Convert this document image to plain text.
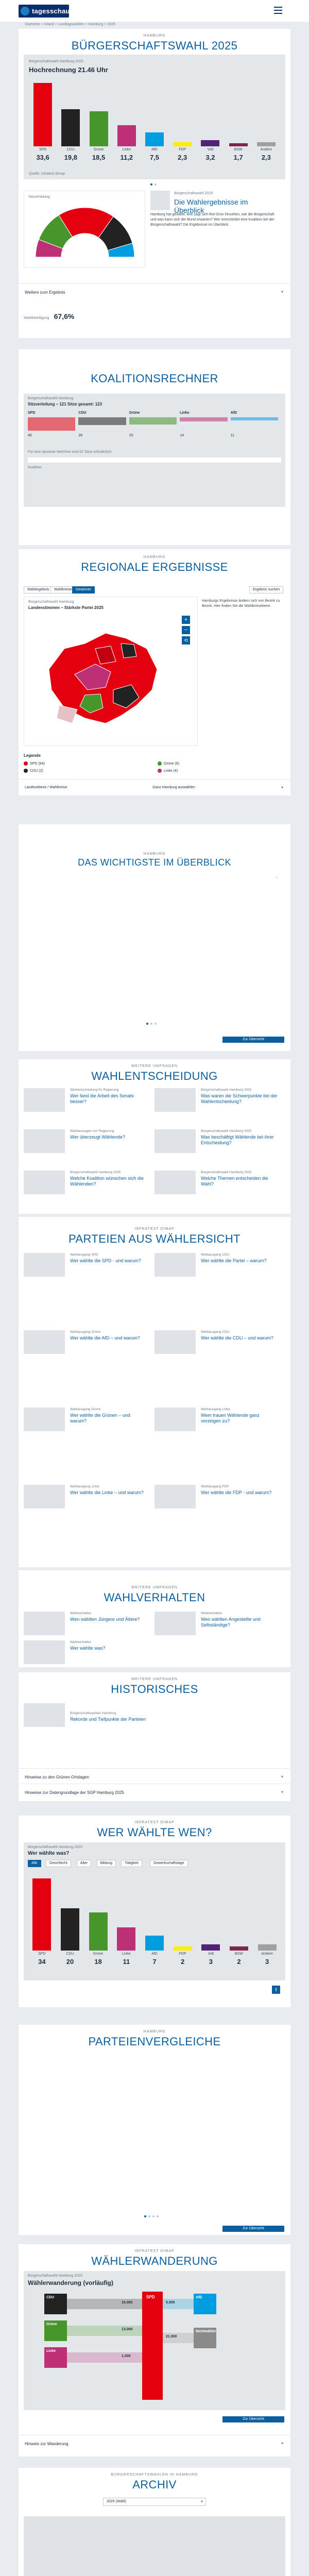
tagesschau
Startseite > Inland > Landtagswahlen > Hamburg > 2025
HAMBURG
BÜRGERSCHAFTSWAHL 2025
Bürgerschaftswahl Hamburg 2025
Hochrechnung 21.46 Uhr
SPD
33,6
CDU
19,8
Grüne
18,5
Linke
11,2
AfD
7,5
FDP
2,3
Volt
3,2
BSW
1,7
Andere
2,3
Quelle: infratest dimap
Sitzverteilung
Bürgerschaftswahl 2025
Die Wahlergebnisse im Überblick
Hamburg hat gewählt. Wie sagt sich Rot-Grün hinsehen, wie die Bürgerschaft und was kann sich der Bund erwarten? Wer entscheidet eine Koalition bei der Bürgerschaftswahl? Die Ergebnisse im Überblick.
Weitere zum Ergebnis	▾
Wahlbeteiligung 67,6%
KOALITIONSRECHNER
Bürgerschaftswahl Hamburg
Sitzverteilung – 121 Sitze gesamt: 123
SPD
45
CDU
26
Grüne
25
Linke
14
AfD
11
Für eine absolute Mehrheit sind 62 Sitze erforderlich
Koalition
HAMBURG
REGIONALE ERGEBNISSE
Wahlergebnis	Wahlkreise	Gewinner	Ergebnis suchen
Bürgerschaftswahl Hamburg
Landesstimmen – Stärkste Partei 2025
+
−
⟲
Hamburgs Ergebnisse ändern sich von Bezirk zu Bezirk. Hier finden Sie die Wahlkreisebene.
Legende
SPD (54)	Grüne (6)
CDU (2)	Linke (4)
Landesebene / Wahlkreise	Ganz Hamburg auswählen	▾
HAMBURG
DAS WICHTIGSTE IM ÜBERBLICK
›
Zur Übersicht
WEITERE UMFRAGEN
WAHLENTSCHEIDUNG
Wahlentscheidung für Regierung
Wer fand die Arbeit des Senats besser?
Bürgerschaftswahl Hamburg 2025
Was waren die Schwerpunkte bei der Wahlentscheidung?
Wahlaussagen zur Regierung
Wer überzeugt Wählende?
Bürgerschaftswahl Hamburg 2025
Was beschäftigt Wählende bei ihrer Entscheidung?
Bürgerschaftswahl Hamburg 2025
Welche Koalition wünschen sich die Wählenden?
Bürgerschaftswahl Hamburg 2025
Welche Themen entscheiden die Wahl?
INFRATEST DIMAP
PARTEIEN AUS WÄHLERSICHT
Wahlausgang SPD
Wer wählte die SPD - und warum?
Wahlausgang CDU
Wer wählte die Partei – warum?
Wahlausgang Grüne
Wer wählte die AfD – und warum?
Wahlausgang CDU
Wer wählte die CDU – und warum?
Wahlausgang Grüne
Wer wählte die Grünen – und warum?
Wahlausgang Linke
Wem trauen Wählende ganz vorzeigen zu?
Wahlausgang Linke
Wer wählte die Linke – und warum?
Wahlausgang FDP
Wer wählte die FDP - und warum?
WEITERE UMFRAGEN
WAHLVERHALTEN
Wahlverhalten
Wen wählten Jüngere und Ältere?
Wahlverhalten
Wen wählten Angestellte und Selbständige?
Wahlverhalten
Wer wählte was?
WEITERE UMFRAGEN
HISTORISCHES
Bürgerschaftswahlen Hamburg
Rekorde und Tiefpunkte der Parteien
Hinweise zu den Grünen-Ortslagen	▾
Hinweise zur Datengrundlage der SGP Hamburg 2025	▾
INFRATEST DIMAP
WER WÄHLTE WEN?
Bürgerschaftswahl Hamburg 2025
Wer wählte was?
Alle	Geschlecht	Alter	Bildung	Tätigkeit	Gewerkschaftslage
SPD
34
CDU
20
Grüne
18
Linke
11
AfD
7
FDP
2
Volt
3
BSW
2
Andere
3
⇪
HAMBURG
PARTEIENVERGLEICHE
Zur Übersicht
INFRATEST DIMAP
WÄHLERWANDERUNG
Bürgerschaftswahl Hamburg 2025
Wählerwanderung (vorläufig)
SPD
CDU
15.000
Grüne
13.000
Linke
1.000
AfD
5.000
Nichtwähler
21.000
Zur Übersicht
Hinweis zur Wanderung	▾
BÜRGERSCHAFTSWAHLEN IN HAMBURG
ARCHIV
2025 (Wahl)	▾
